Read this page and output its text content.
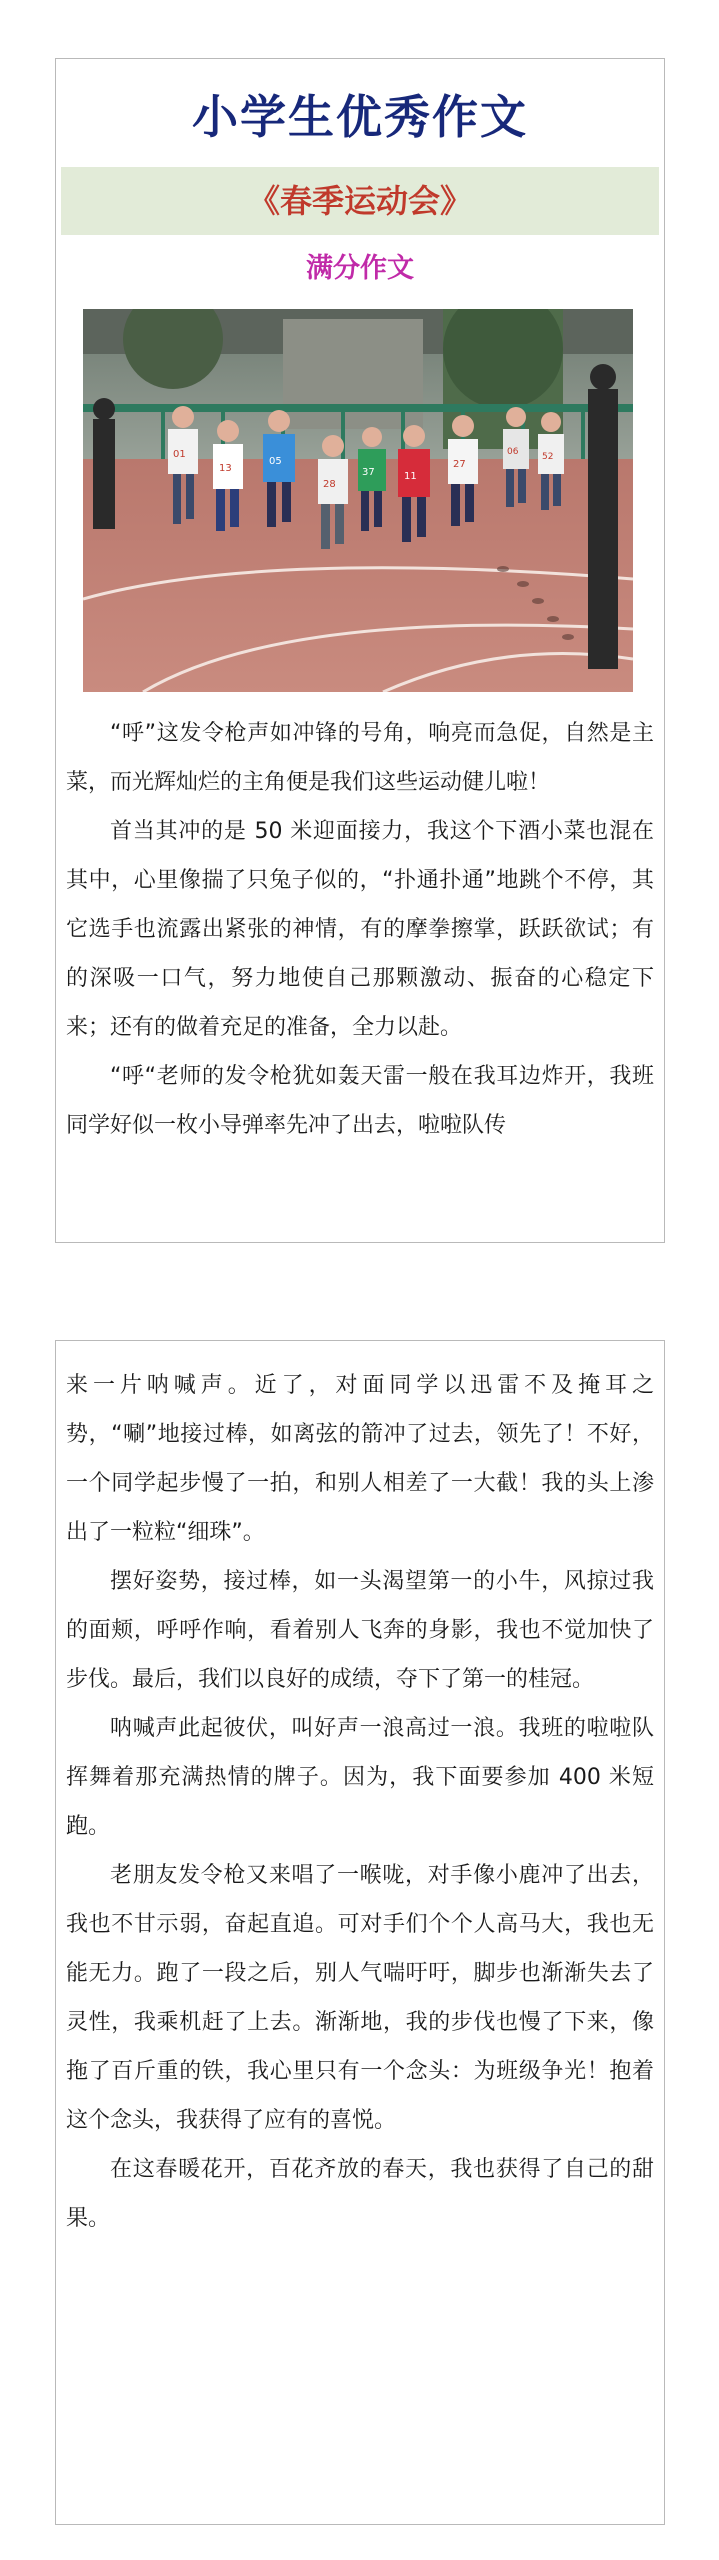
小学生优秀作文
《春季运动会》
满分作文
01
13
05
28
37	11
27
06	52

“呼”这发令枪声如冲锋的号角，响亮而急促，自然是主菜，而光辉灿烂的主角便是我们这些运动健儿啦！

首当其冲的是 50 米迎面接力，我这个下酒小菜也混在其中，心里像揣了只兔子似的，“扑通扑通”地跳个不停，其它选手也流露出紧张的神情，有的摩拳擦掌，跃跃欲试；有的深吸一口气，努力地使自己那颗激动、振奋的心稳定下来；还有的做着充足的准备，全力以赴。

“呼“老师的发令枪犹如轰天雷一般在我耳边炸开，我班同学好似一枚小导弹率先冲了出去，啦啦队传

来一片呐喊声。近了，对面同学以迅雷不及掩耳之势，“唰”地接过棒，如离弦的箭冲了过去，领先了！不好，一个同学起步慢了一拍，和别人相差了一大截！我的头上渗出了一粒粒“细珠”。

摆好姿势，接过棒，如一头渴望第一的小牛，风掠过我的面颊，呼呼作响，看着别人飞奔的身影，我也不觉加快了步伐。最后，我们以良好的成绩，夺下了第一的桂冠。

呐喊声此起彼伏，叫好声一浪高过一浪。我班的啦啦队挥舞着那充满热情的牌子。因为，我下面要参加 400 米短跑。

老朋友发令枪又来唱了一喉咙，对手像小鹿冲了出去，我也不甘示弱，奋起直追。可对手们个个人高马大，我也无能无力。跑了一段之后，别人气喘吁吁，脚步也渐渐失去了灵性，我乘机赶了上去。渐渐地，我的步伐也慢了下来，像拖了百斤重的铁，我心里只有一个念头：为班级争光！抱着这个念头，我获得了应有的喜悦。

在这春暖花开，百花齐放的春天，我也获得了自己的甜果。
